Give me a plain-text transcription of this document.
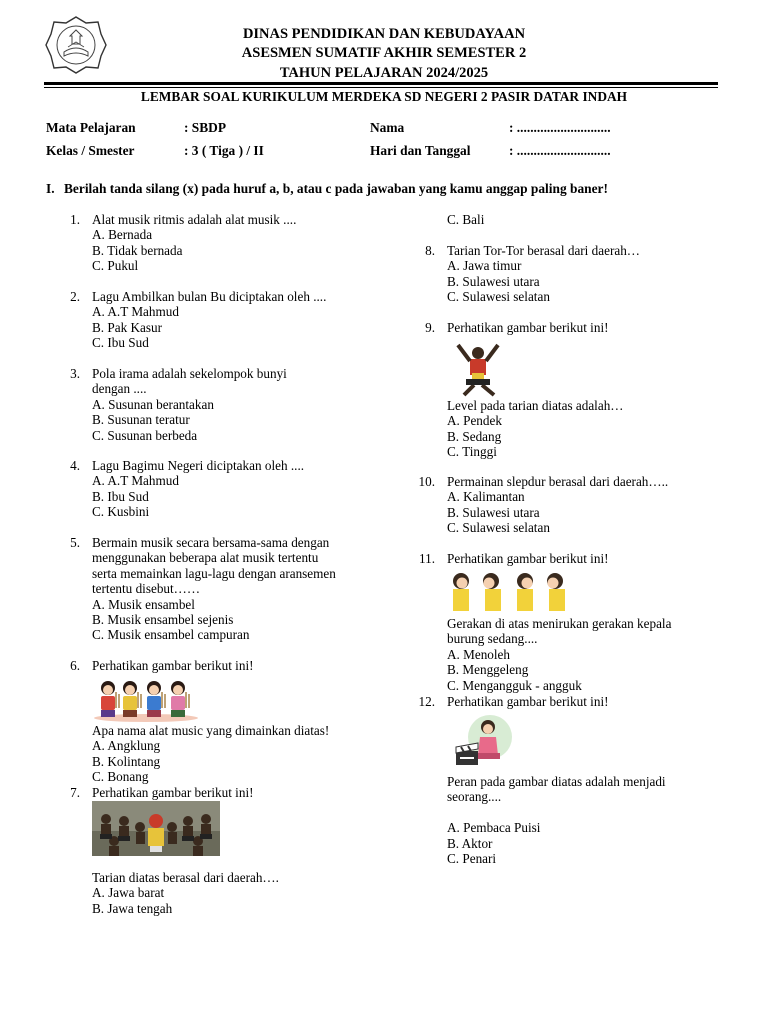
DINAS PENDIDIKAN DAN KEBUDAYAAN
ASESMEN SUMATIF AKHIR SEMESTER 2
TAHUN PELAJARAN 2024/2025
LEMBAR SOAL KURIKULUM MERDEKA SD NEGERI 2 PASIR DATAR INDAH
Mata Pelajaran	: SBDP	Nama	: ............................
Kelas / Smester	: 3 ( Tiga ) / II	Hari dan Tanggal	: ............................
I. Berilah tanda silang (x) pada huruf a, b, atau c pada jawaban yang kamu anggap paling baner!
1. Alat musik ritmis adalah alat musik ....
A. Bernada
B. Tidak bernada
C. Pukul
2. Lagu Ambilkan bulan Bu diciptakan oleh ....
A. A.T Mahmud
B. Pak Kasur
C. Ibu Sud
3. Pola irama adalah sekelompok bunyi
dengan ....
A. Susunan berantakan
B. Susunan teratur
C. Susunan berbeda
4. Lagu Bagimu Negeri diciptakan oleh ....
A. A.T Mahmud
B. Ibu Sud
C. Kusbini
5. Bermain musik secara bersama-sama dengan
menggunakan beberapa alat musik tertentu
serta memainkan lagu-lagu dengan aransemen
tertentu disebut……
A. Musik ensambel
B. Musik ensambel sejenis
C. Musik ensambel campuran
6. Perhatikan gambar berikut ini!
Apa nama alat music yang dimainkan diatas!
A. Angklung
B. Kolintang
C. Bonang
7. Perhatikan gambar berikut ini!
Tarian diatas berasal dari daerah….
A. Jawa barat
B. Jawa tengah
C. Bali
8. Tarian Tor-Tor berasal dari daerah…
A. Jawa timur
B. Sulawesi utara
C. Sulawesi selatan
9. Perhatikan gambar berikut ini!
Level pada tarian diatas adalah…
A. Pendek
B. Sedang
C. Tinggi
10. Permainan slepdur berasal dari daerah…..
A. Kalimantan
B. Sulawesi utara
C. Sulawesi selatan
11. Perhatikan gambar berikut ini!
Gerakan di atas menirukan gerakan kepala
burung sedang....
A. Menoleh
B. Menggeleng
C. Mengangguk - angguk
12. Perhatikan gambar berikut ini!
Peran pada gambar diatas adalah menjadi
seorang....
A. Pembaca Puisi
B. Aktor
C. Penari
